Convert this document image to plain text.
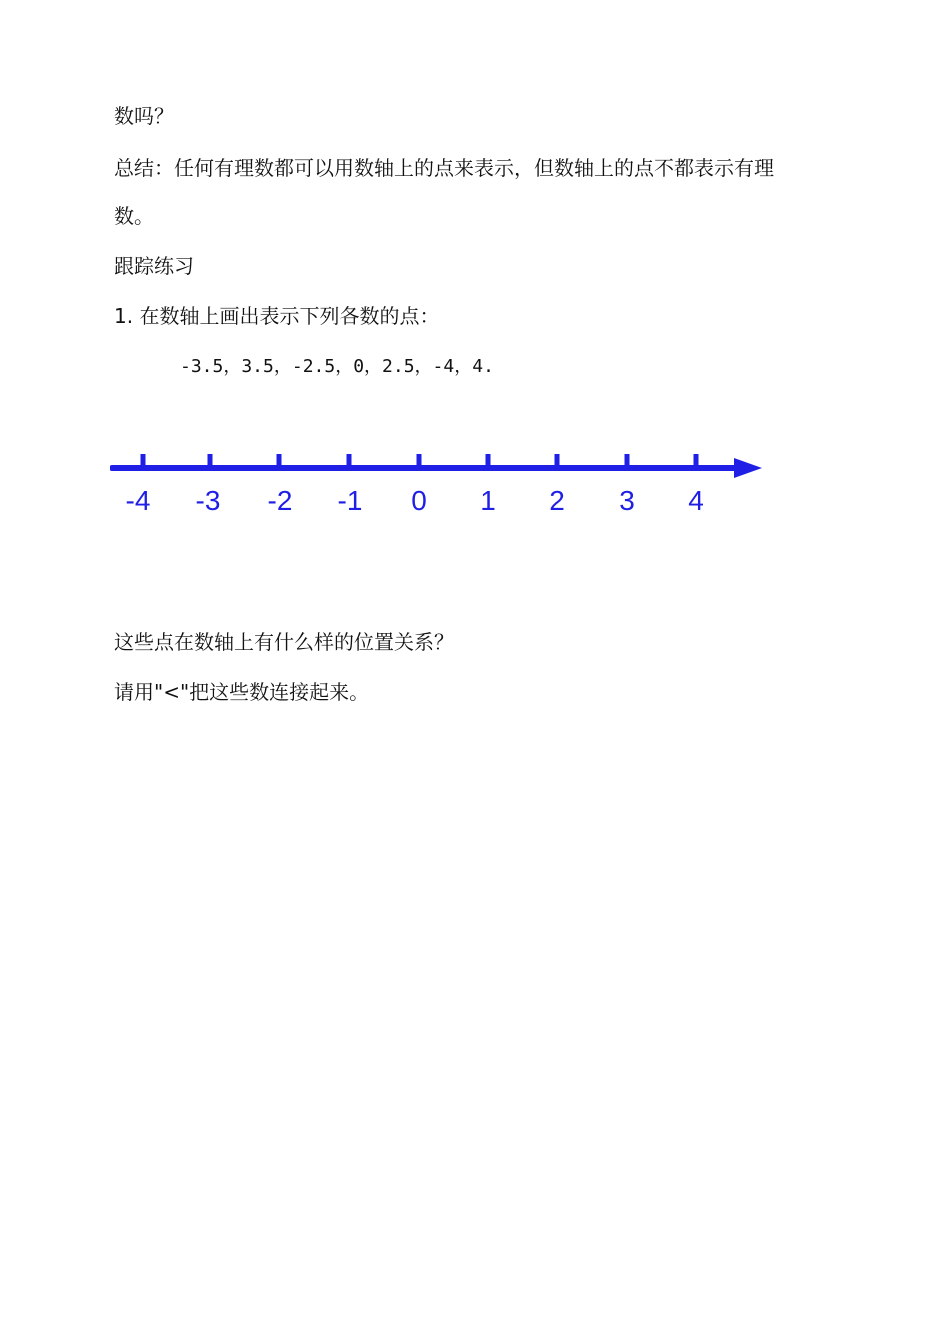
数吗？
总结：任何有理数都可以用数轴上的点来表示，但数轴上的点不都表示有理
数。
跟踪练习
1. 在数轴上画出表示下列各数的点：
-3.5，3.5，-2.5，0，2.5，-4，4.
-4 -3 -2 -1 0 1 2 3 4
这些点在数轴上有什么样的位置关系？
请用"<"把这些数连接起来。
